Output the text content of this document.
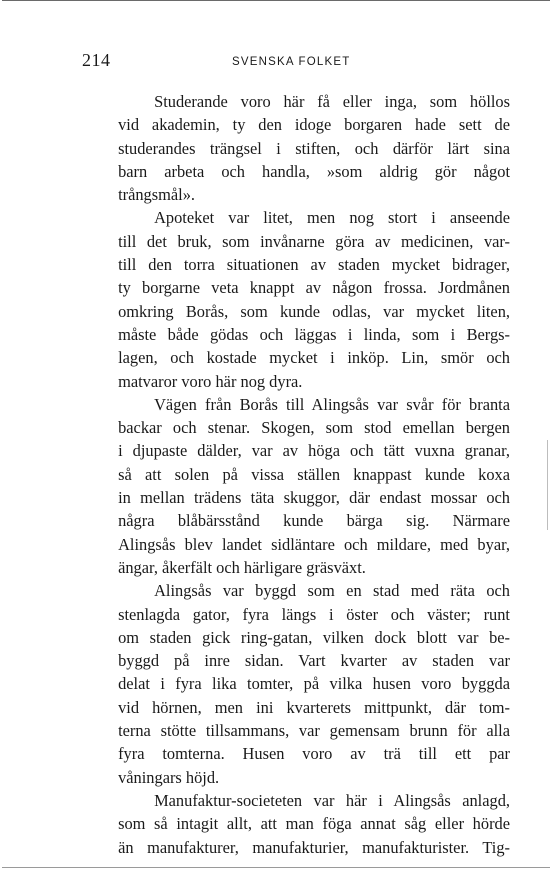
214	SVENSKA FOLKET
Studerande voro här få eller inga, som höllos
vid akademin, ty den idoge borgaren hade sett de
studerandes trängsel i stiften, och därför lärt sina
barn arbeta och handla, »som aldrig gör något
trångsmål».
Apoteket var litet, men nog stort i anseende
till det bruk, som invånarne göra av medicinen, var-
till den torra situationen av staden mycket bidrager,
ty borgarne veta knappt av någon frossa. Jordmånen
omkring Borås, som kunde odlas, var mycket liten,
måste både gödas och läggas i linda, som i Bergs-
lagen, och kostade mycket i inköp. Lin, smör och
matvaror voro här nog dyra.
Vägen från Borås till Alingsås var svår för branta
backar och stenar. Skogen, som stod emellan bergen
i djupaste dälder, var av höga och tätt vuxna granar,
så att solen på vissa ställen knappast kunde koxa
in mellan trädens täta skuggor, där endast mossar och
några blåbärsstånd kunde bärga sig. Närmare
Alingsås blev landet sidläntare och mildare, med byar,
ängar, åkerfält och härligare gräsväxt.
Alingsås var byggd som en stad med räta och
stenlagda gator, fyra längs i öster och väster; runt
om staden gick ring-gatan, vilken dock blott var be-
byggd på inre sidan. Vart kvarter av staden var
delat i fyra lika tomter, på vilka husen voro byggda
vid hörnen, men ini kvarterets mittpunkt, där tom-
terna stötte tillsammans, var gemensam brunn för alla
fyra tomterna. Husen voro av trä till ett par
våningars höjd.
Manufaktur-societeten var här i Alingsås anlagd,
som så intagit allt, att man föga annat såg eller hörde
än manufakturer, manufakturier, manufakturister. Tig-
